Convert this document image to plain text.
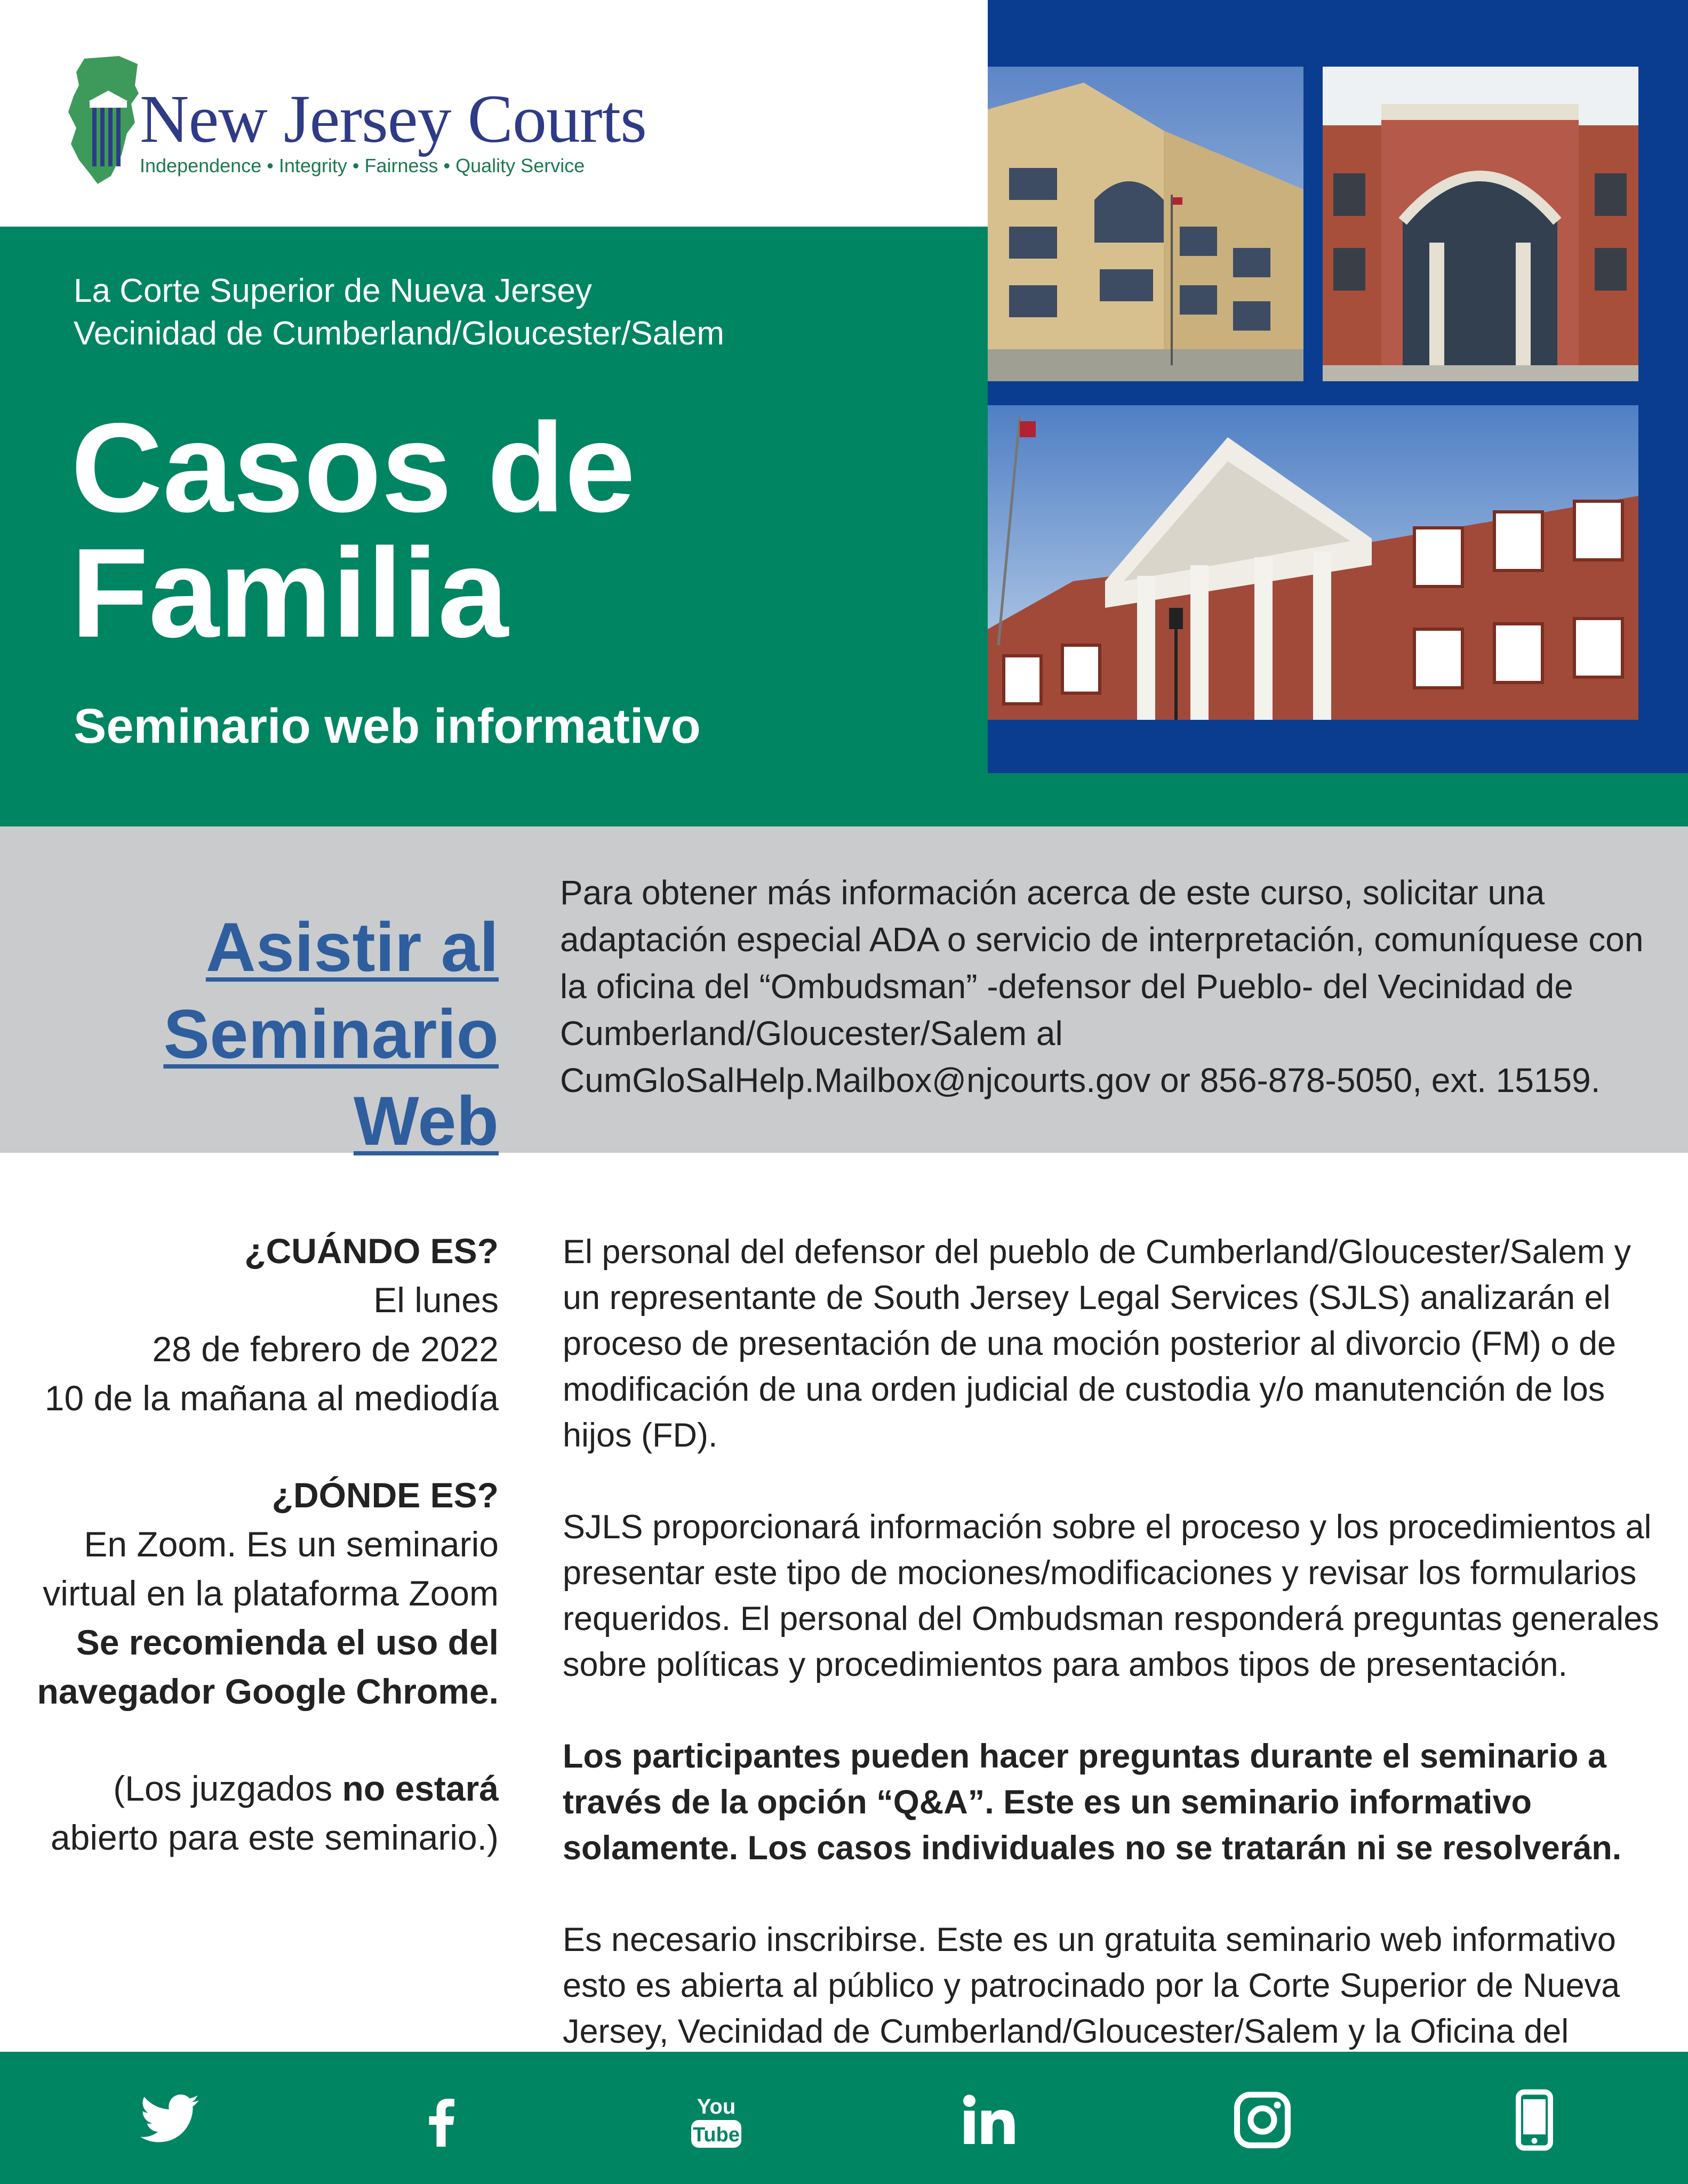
New Jersey Courts
Independence • Integrity • Fairness • Quality Service
La Corte Superior de Nueva Jersey
Vecinidad de Cumberland/Gloucester/Salem
Casos de
Familia
Seminario web informativo
Asistir al
Seminario Web
Para obtener más información acerca de este curso, solicitar una adaptación especial ADA o servicio de interpretación, comuníquese con la oficina del “Ombudsman” -defensor del Pueblo- del Vecinidad de Cumberland/Gloucester/Salem al CumGloSalHelp.Mailbox@njcourts.gov or 856-878-5050, ext. 15159.
¿CUÁNDO ES?
El lunes
28 de febrero de 2022
10 de la mañana al mediodía
¿DÓNDE ES?
En Zoom. Es un seminario
virtual en la plataforma Zoom
Se recomienda el uso del
navegador Google Chrome.
(Los juzgados no estará
abierto para este seminario.)

El personal del defensor del pueblo de Cumberland/Gloucester/Salem y un representante de South Jersey Legal Services (SJLS) analizarán el proceso de presentación de una moción posterior al divorcio (FM) o de modificación de una orden judicial de custodia y/o manutención de los hijos (FD).

SJLS proporcionará información sobre el proceso y los procedimientos al presentar este tipo de mociones/modificaciones y revisar los formularios requeridos. El personal del Ombudsman responderá preguntas generales sobre políticas y procedimientos para ambos tipos de presentación.

Los participantes pueden hacer preguntas durante el seminario a través de la opción “Q&A”. Este es un seminario informativo solamente. Los casos individuales no se tratarán ni se resolverán.

Es necesario inscribirse. Este es un gratuita seminario web informativo esto es abierta al público y patrocinado por la Corte Superior de Nueva Jersey, Vecinidad de Cumberland/Gloucester/Salem y la Oficina del

You
Tube
